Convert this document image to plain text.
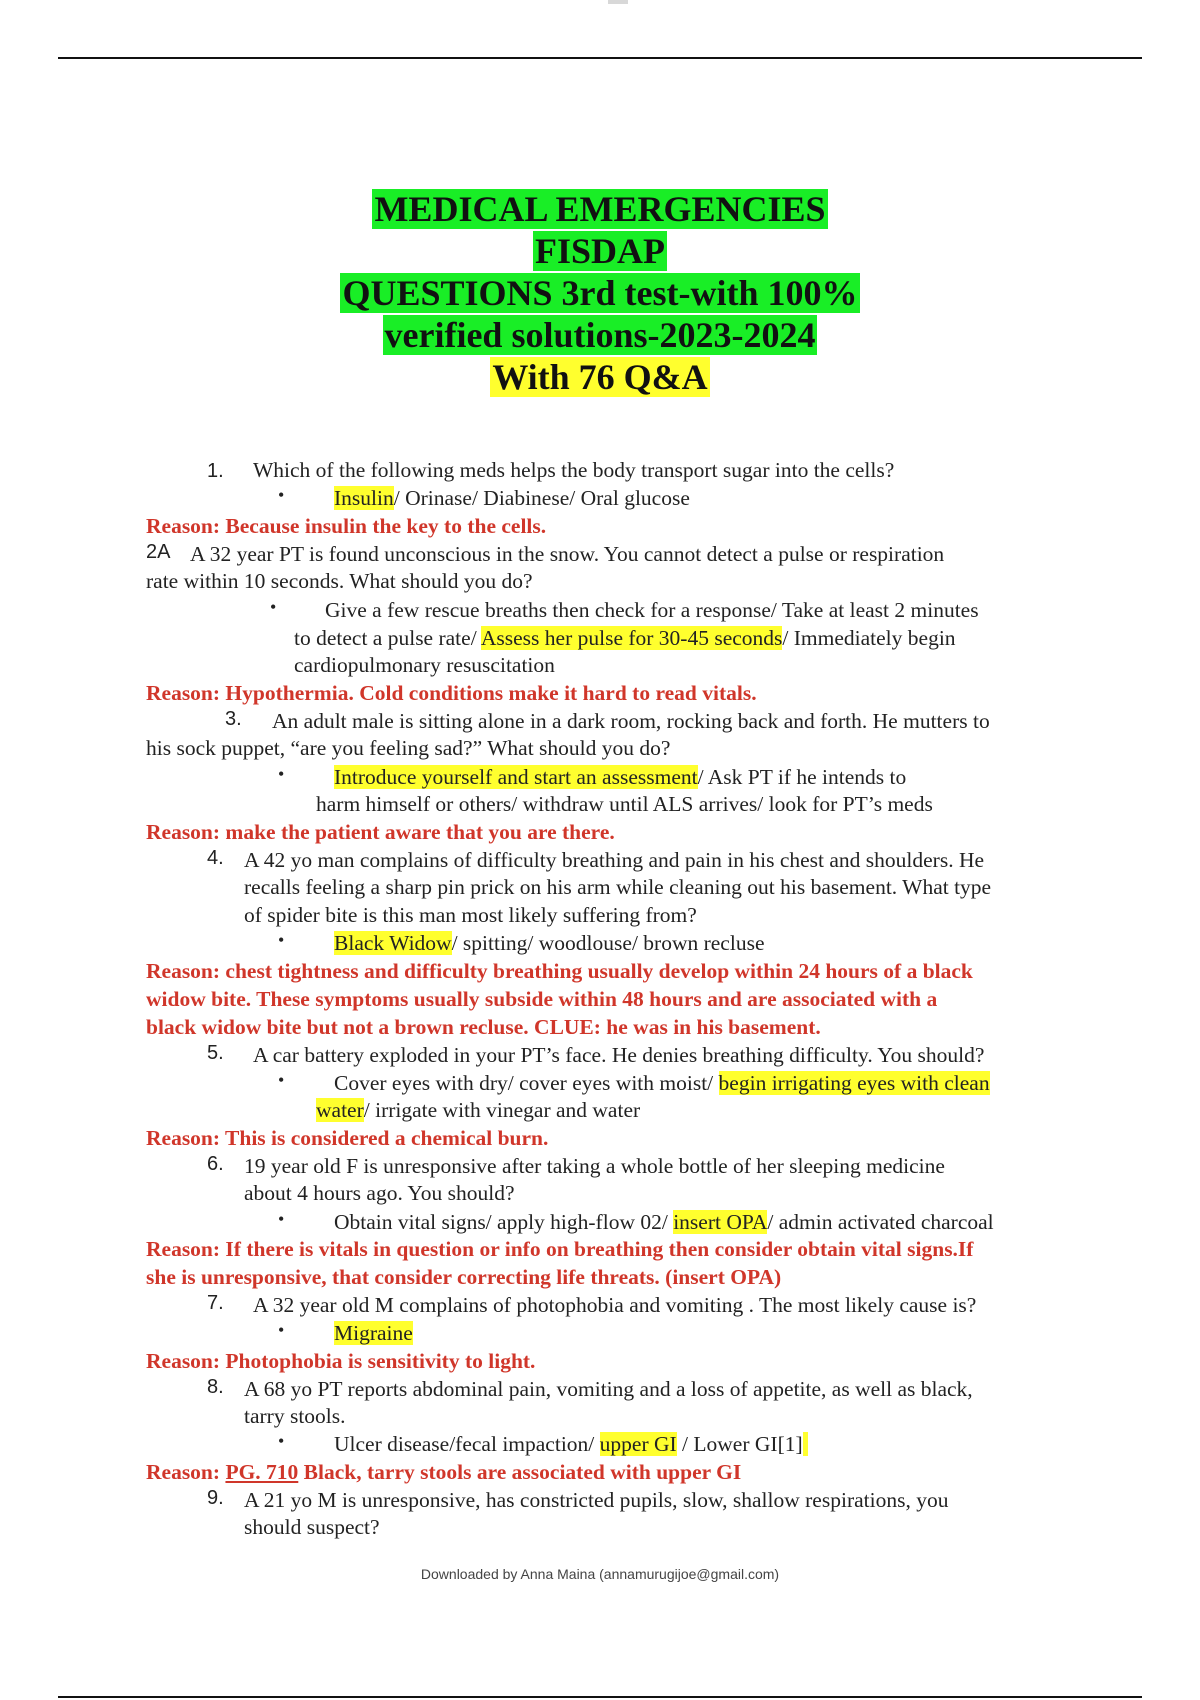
MEDICAL EMERGENCIES
FISDAP
QUESTIONS 3rd test-with 100%
verified solutions-2023-2024
With 76 Q&A
1. Which of the following meds helps the body transport sugar into the cells?
• Insulin/ Orinase/ Diabinese/ Oral glucose
Reason: Because insulin the key to the cells.
2A A 32 year PT is found unconscious in the snow. You cannot detect a pulse or respiration
rate within 10 seconds. What should you do?
• Give a few rescue breaths then check for a response/ Take at least 2 minutes
to detect a pulse rate/ Assess her pulse for 30-45 seconds/ Immediately begin
cardiopulmonary resuscitation
Reason: Hypothermia. Cold conditions make it hard to read vitals.
3. An adult male is sitting alone in a dark room, rocking back and forth. He mutters to
his sock puppet, “are you feeling sad?” What should you do?
• Introduce yourself and start an assessment/ Ask PT if he intends to
harm himself or others/ withdraw until ALS arrives/ look for PT’s meds
Reason: make the patient aware that you are there.
4. A 42 yo man complains of difficulty breathing and pain in his chest and shoulders. He
recalls feeling a sharp pin prick on his arm while cleaning out his basement. What type
of spider bite is this man most likely suffering from?
• Black Widow/ spitting/ woodlouse/ brown recluse
Reason: chest tightness and difficulty breathing usually develop within 24 hours of a black
widow bite. These symptoms usually subside within 48 hours and are associated with a
black widow bite but not a brown recluse. CLUE: he was in his basement.
5. A car battery exploded in your PT’s face. He denies breathing difficulty. You should?
• Cover eyes with dry/ cover eyes with moist/ begin irrigating eyes with clean
water/ irrigate with vinegar and water
Reason: This is considered a chemical burn.
6. 19 year old F is unresponsive after taking a whole bottle of her sleeping medicine
about 4 hours ago. You should?
• Obtain vital signs/ apply high-flow 02/ insert OPA/ admin activated charcoal
Reason: If there is vitals in question or info on breathing then consider obtain vital signs.If
she is unresponsive, that consider correcting life threats. (insert OPA)
7. A 32 year old M complains of photophobia and vomiting . The most likely cause is?
• Migraine
Reason: Photophobia is sensitivity to light.
8. A 68 yo PT reports abdominal pain, vomiting and a loss of appetite, as well as black,
tarry stools.
• Ulcer disease/fecal impaction/ upper GI / Lower GI[1]
Reason: PG. 710 Black, tarry stools are associated with upper GI
9. A 21 yo M is unresponsive, has constricted pupils, slow, shallow respirations, you
should suspect?
Downloaded by Anna Maina (annamurugijoe@gmail.com)
